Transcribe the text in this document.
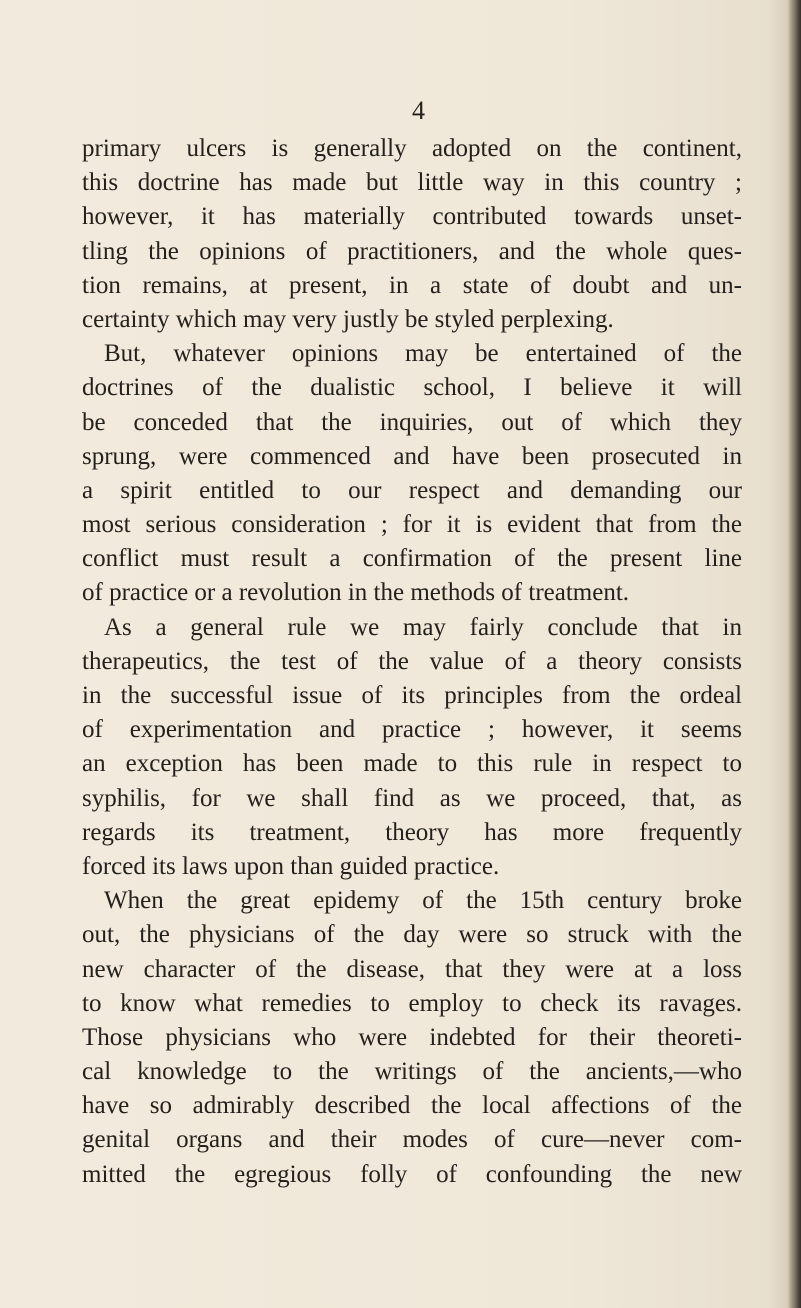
4
primary ulcers is generally adopted on the continent,
this doctrine has made but little way in this country ;
however, it has materially contributed towards unset-
tling the opinions of practitioners, and the whole ques-
tion remains, at present, in a state of doubt and un-
certainty which may very justly be styled perplexing.
But, whatever opinions may be entertained of the
doctrines of the dualistic school, I believe it will
be conceded that the inquiries, out of which they
sprung, were commenced and have been prosecuted in
a spirit entitled to our respect and demanding our
most serious consideration ; for it is evident that from the
conflict must result a confirmation of the present line
of practice or a revolution in the methods of treatment.
As a general rule we may fairly conclude that in
therapeutics, the test of the value of a theory consists
in the successful issue of its principles from the ordeal
of experimentation and practice ; however, it seems
an exception has been made to this rule in respect to
syphilis, for we shall find as we proceed, that, as
regards its treatment, theory has more frequently
forced its laws upon than guided practice.
When the great epidemy of the 15th century broke
out, the physicians of the day were so struck with the
new character of the disease, that they were at a loss
to know what remedies to employ to check its ravages.
Those physicians who were indebted for their theoreti-
cal knowledge to the writings of the ancients,—who
have so admirably described the local affections of the
genital organs and their modes of cure—never com-
mitted the egregious folly of confounding the new
